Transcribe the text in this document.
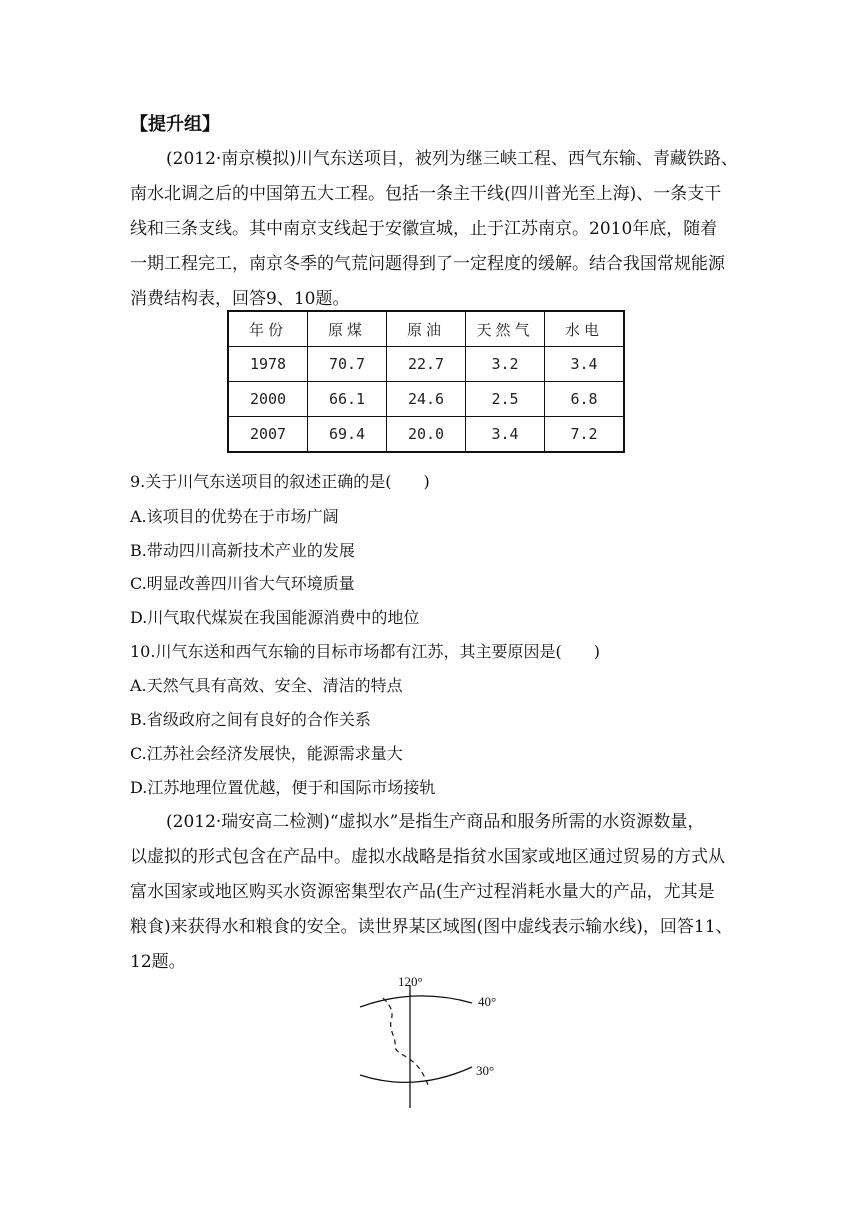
【提升组】

(2012·南京模拟)川气东送项目，被列为继三峡工程、西气东输、青藏铁路、
南水北调之后的中国第五大工程。包括一条主干线(四川普光至上海)、一条支干
线和三条支线。其中南京支线起于安徽宣城，止于江苏南京。2010年底，随着
一期工程完工，南京冬季的气荒问题得到了一定程度的缓解。结合我国常规能源
消费结构表，回答9、10题。

年份	原煤	原油	天然气	水电
1978	70.7	22.7	3.2	3.4
2000	66.1	24.6	2.5	6.8
2007	69.4	20.0	3.4	7.2
9.关于川气东送项目的叙述正确的是(　　)
A.该项目的优势在于市场广阔
B.带动四川高新技术产业的发展
C.明显改善四川省大气环境质量
D.川气取代煤炭在我国能源消费中的地位
10.川气东送和西气东输的目标市场都有江苏，其主要原因是(　　)
A.天然气具有高效、安全、清洁的特点
B.省级政府之间有良好的合作关系
C.江苏社会经济发展快，能源需求量大
D.江苏地理位置优越，便于和国际市场接轨

(2012·瑞安高二检测)“虚拟水”是指生产商品和服务所需的水资源数量，
以虚拟的形式包含在产品中。虚拟水战略是指贫水国家或地区通过贸易的方式从
富水国家或地区购买水资源密集型农产品(生产过程消耗水量大的产品，尤其是
粮食)来获得水和粮食的安全。读世界某区域图(图中虚线表示输水线)，回答11、
12题。

120°
40°
30°
